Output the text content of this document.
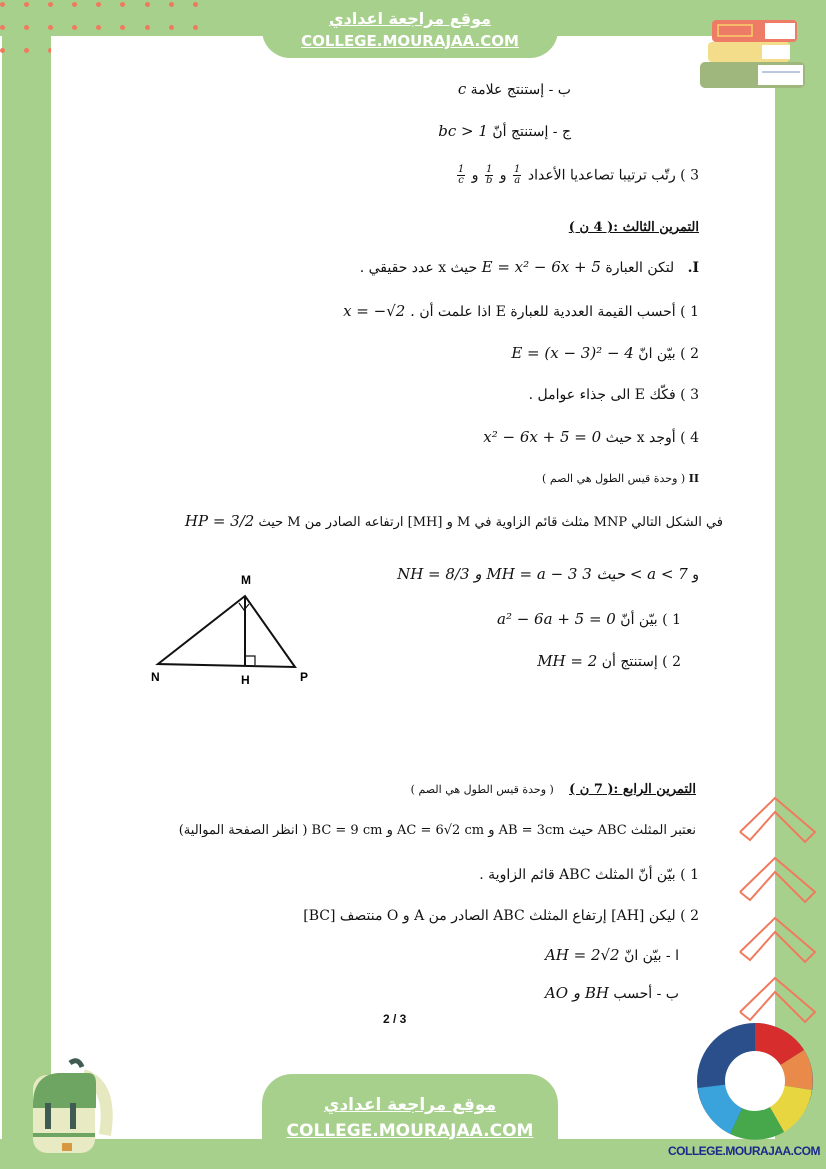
موقع مراجعة اعدادي
COLLEGE.MOURAJAA.COM
ب - إستنتج علامة c
ج - إستنتج أنّ bc > 1
3 ) رتّب ترتيبا تصاعديا الأعداد
$\frac{1}{a}$
و
$\frac{1}{b}$
و
$\frac{1}{c}$
التمرين الثالث :( 4 ن )
I.   لتكن العبارة E = x² − 6x + 5 حيث x عدد حقيقي .
1 ) أحسب القيمة العددية للعبارة E اذا علمت أن x = −√2 .
2 ) بيّن انّ E = (x − 3)² − 4
3 ) فكّك E الى جذاء عوامل .
4 ) أوجد x حيث x² − 6x + 5 = 0
II ( وحدة قيس الطول هي الصم )
في الشكل التالي MNP مثلث قائم الزاوية في M و [MH] ارتفاعه الصادر من M حيث HP = 3/2
و NH = 8/3 و MH = a − 3 حيث 3 < a < 7
1 ) بيّن أنّ a² − 6a + 5 = 0
2 ) إستنتج أن MH = 2
M
N	H	P
التمرين الرابع :( 7 ن )    ( وحدة قيس الطول هي الصم )
نعتبر المثلث ABC حيث AB = 3cm و AC = 6√2 cm و BC = 9 cm ( انظر الصفحة الموالية)
1 ) بيّن أنّ المثلث ABC قائم الزاوية .
2 ) ليكن [AH] إرتفاع المثلث ABC الصادر من A و O منتصف [BC]
ا - بيّن انّ AH = 2√2
ب - أحسب AO و BH
2 / 3
موقع مراجعة اعدادي
COLLEGE.MOURAJAA.COM
COLLEGE.MOURAJAA.COM
